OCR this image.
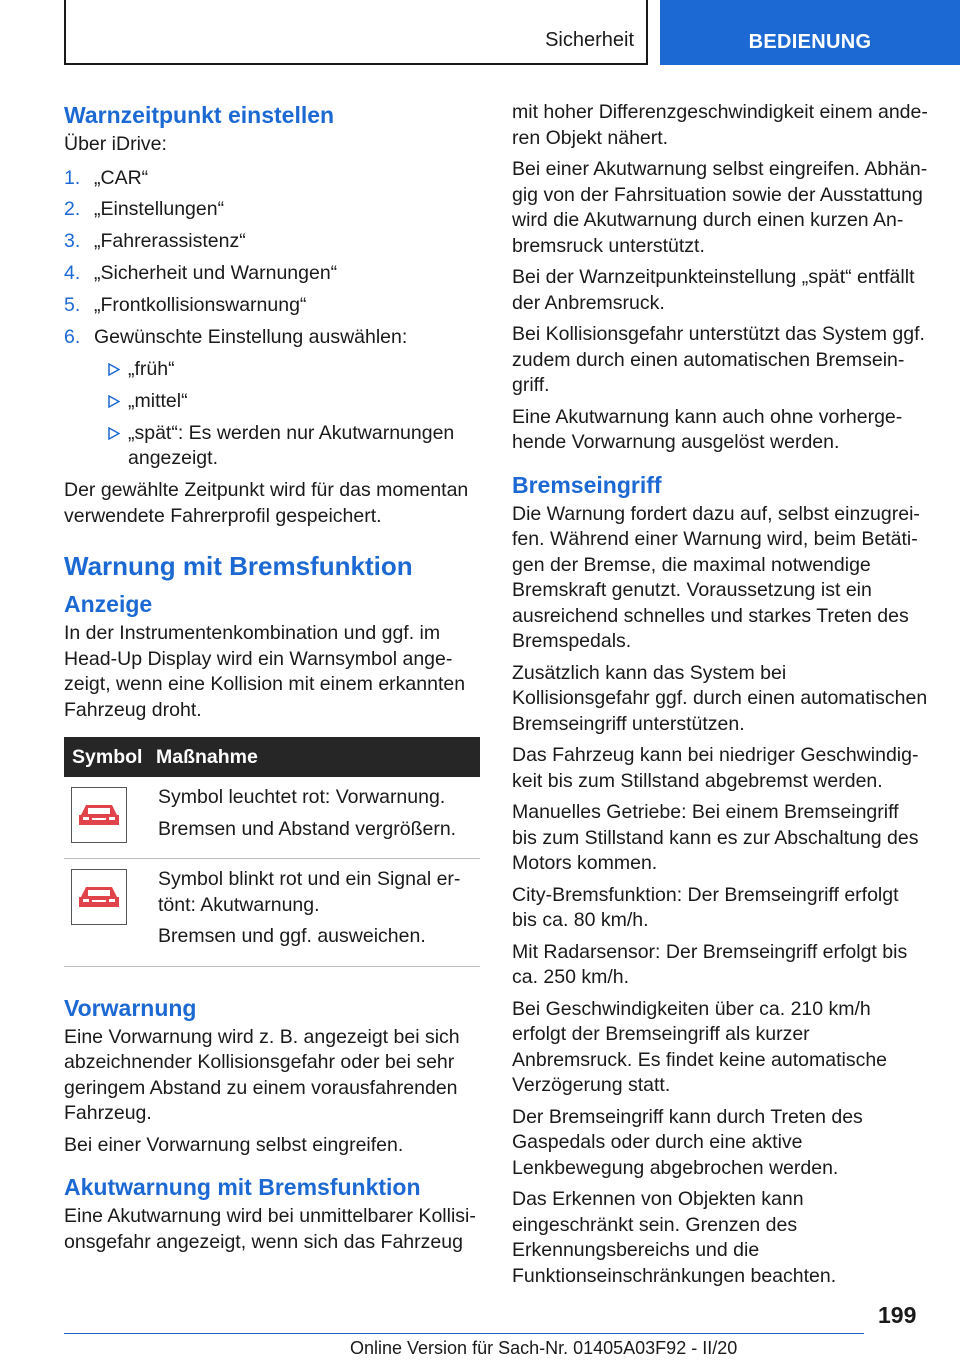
Sicherheit	BEDIENUNG
Warnzeitpunkt einstellen
Über iDrive:
1. „CAR“
2. „Einstellungen“
3. „Fahrerassistenz“
4. „Sicherheit und Warnungen“
5. „Frontkollisionswarnung“
6. Gewünschte Einstellung auswählen:
„früh“
„mittel“
„spät“: Es werden nur Akutwarnungen angezeigt.
Der gewählte Zeitpunkt wird für das momentan verwendete Fahrerprofil gespeichert.
Warnung mit Bremsfunktion
Anzeige
In der Instrumentenkombination und ggf. im Head-Up Display wird ein Warnsymbol angezeigt, wenn eine Kollision mit einem erkannten Fahrzeug droht.
Symbol	Maßnahme

Symbol leuchtet rot: Vorwarnung.
Bremsen und Abstand vergrößern.

Symbol blinkt rot und ein Signal ertönt: Akutwarnung.
Bremsen und ggf. ausweichen.
Vorwarnung
Eine Vorwarnung wird z. B. angezeigt bei sich abzeichnender Kollisionsgefahr oder bei sehr geringem Abstand zu einem vorausfahrenden Fahrzeug.
Bei einer Vorwarnung selbst eingreifen.
Akutwarnung mit Bremsfunktion
Eine Akutwarnung wird bei unmittelbarer Kollisionsgefahr angezeigt, wenn sich das Fahrzeug
mit hoher Differenzgeschwindigkeit einem anderen Objekt nähert.
Bei einer Akutwarnung selbst eingreifen. Abhängig von der Fahrsituation sowie der Ausstattung wird die Akutwarnung durch einen kurzen Anbremsruck unterstützt.
Bei der Warnzeitpunkteinstellung „spät“ entfällt der Anbremsruck.
Bei Kollisionsgefahr unterstützt das System ggf. zudem durch einen automatischen Bremseingriff.
Eine Akutwarnung kann auch ohne vorhergehende Vorwarnung ausgelöst werden.
Bremseingriff
Die Warnung fordert dazu auf, selbst einzugreifen. Während einer Warnung wird, beim Betätigen der Bremse, die maximal notwendige Bremskraft genutzt. Voraussetzung ist ein ausreichend schnelles und starkes Treten des Bremspedals.
Zusätzlich kann das System bei Kollisionsgefahr ggf. durch einen automatischen Bremseingriff unterstützen.
Das Fahrzeug kann bei niedriger Geschwindigkeit bis zum Stillstand abgebremst werden.
Manuelles Getriebe: Bei einem Bremseingriff bis zum Stillstand kann es zur Abschaltung des Motors kommen.
City-Bremsfunktion: Der Bremseingriff erfolgt bis ca. 80 km/h.
Mit Radarsensor: Der Bremseingriff erfolgt bis ca. 250 km/h.
Bei Geschwindigkeiten über ca. 210 km/h erfolgt der Bremseingriff als kurzer Anbremsruck. Es findet keine automatische Verzögerung statt.
Der Bremseingriff kann durch Treten des Gaspedals oder durch eine aktive Lenkbewegung abgebrochen werden.
Das Erkennen von Objekten kann eingeschränkt sein. Grenzen des Erkennungsbereichs und die Funktionseinschränkungen beachten.
199
Online Version für Sach-Nr. 01405A03F92 - II/20
